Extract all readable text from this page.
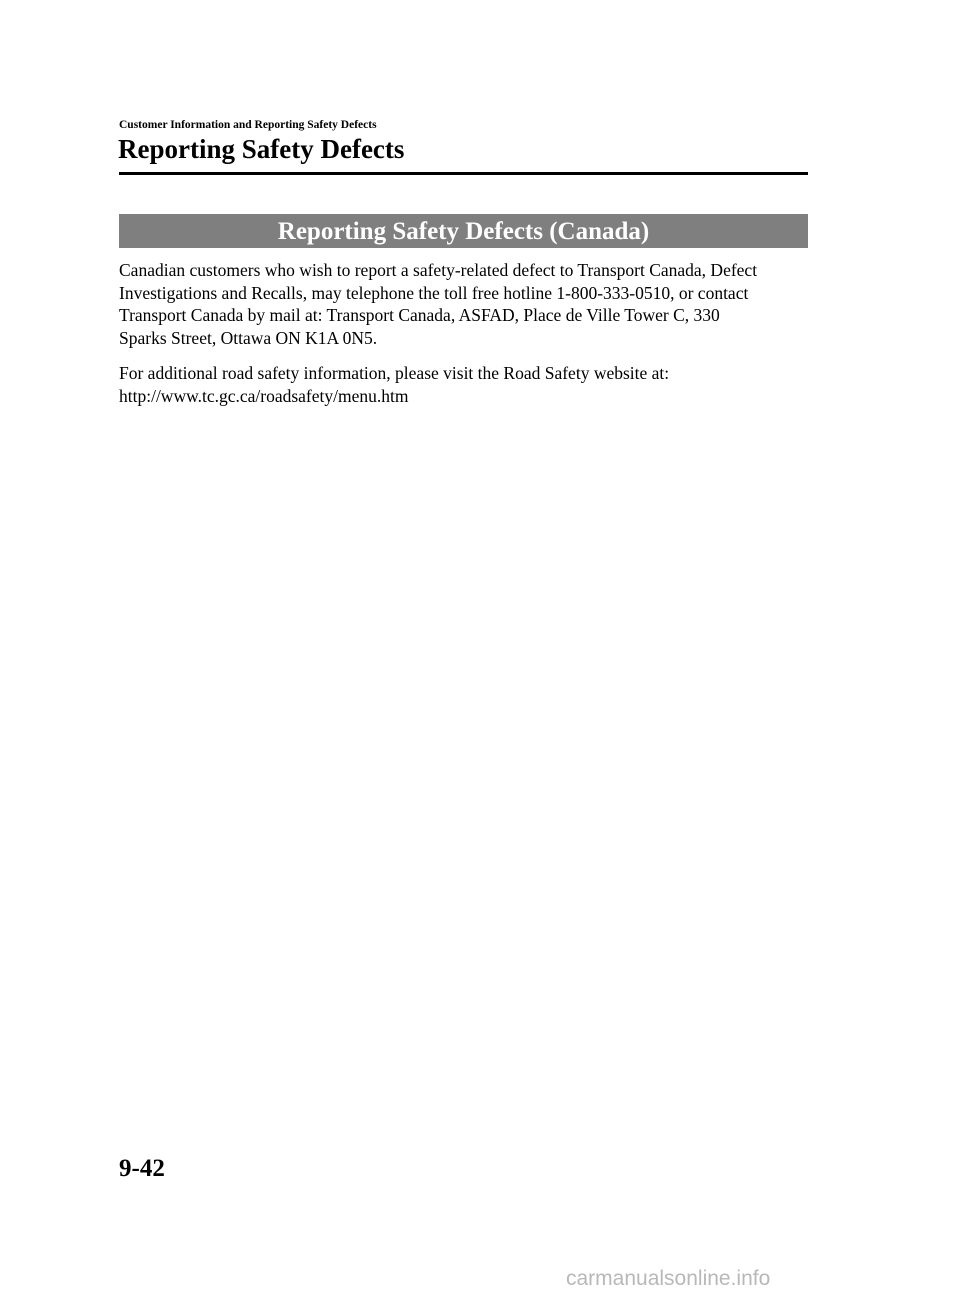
Customer Information and Reporting Safety Defects
Reporting Safety Defects
Reporting Safety Defects (Canada)

Canadian customers who wish to report a safety-related defect to Transport Canada, Defect
Investigations and Recalls, may telephone the toll free hotline 1-800-333-0510, or contact
Transport Canada by mail at: Transport Canada, ASFAD, Place de Ville Tower C, 330
Sparks Street, Ottawa ON K1A 0N5.

For additional road safety information, please visit the Road Safety website at:
http://www.tc.gc.ca/roadsafety/menu.htm

9-42
carmanualsonline.info
